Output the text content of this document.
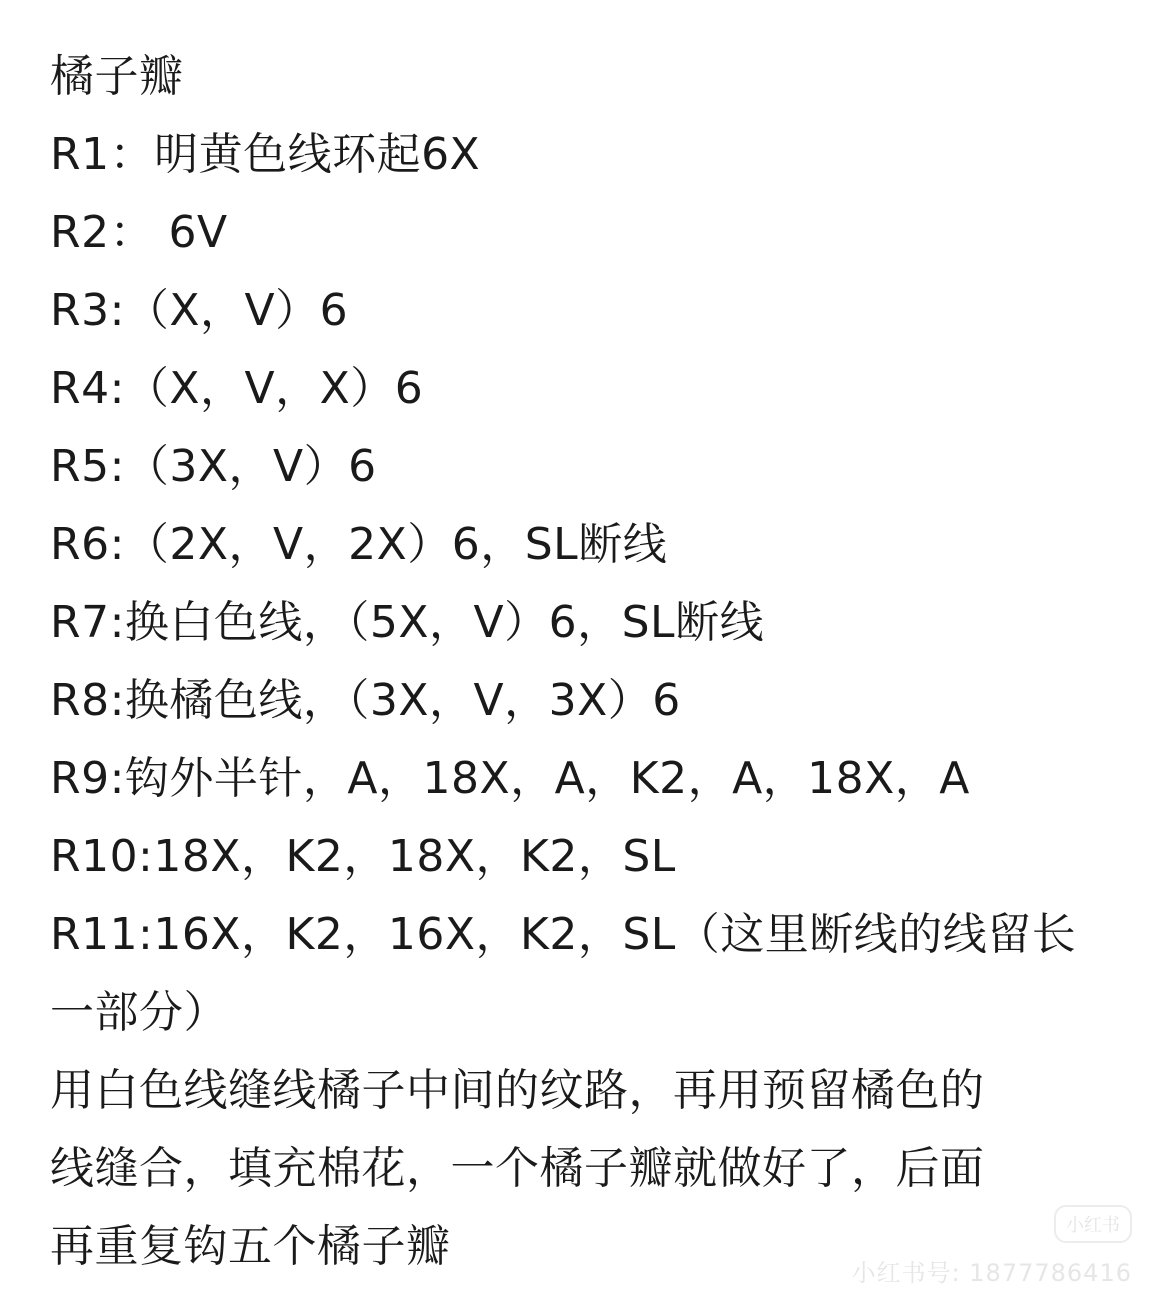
橘子瓣
R1：明黄色线环起6X
R2： 6V
R3:（X，V）6
R4:（X，V，X）6
R5:（3X，V）6
R6:（2X，V，2X）6，SL断线
R7:换白色线，（5X，V）6，SL断线
R8:换橘色线，（3X，V，3X）6
R9:钩外半针，A，18X，A，K2，A，18X，A
R10:18X，K2，18X，K2，SL
R11:16X，K2，16X，K2，SL（这里断线的线留长
一部分）
用白色线缝线橘子中间的纹路，再用预留橘色的
线缝合，填充棉花，一个橘子瓣就做好了，后面
再重复钩五个橘子瓣	小红书
小红书号: 1877786416
